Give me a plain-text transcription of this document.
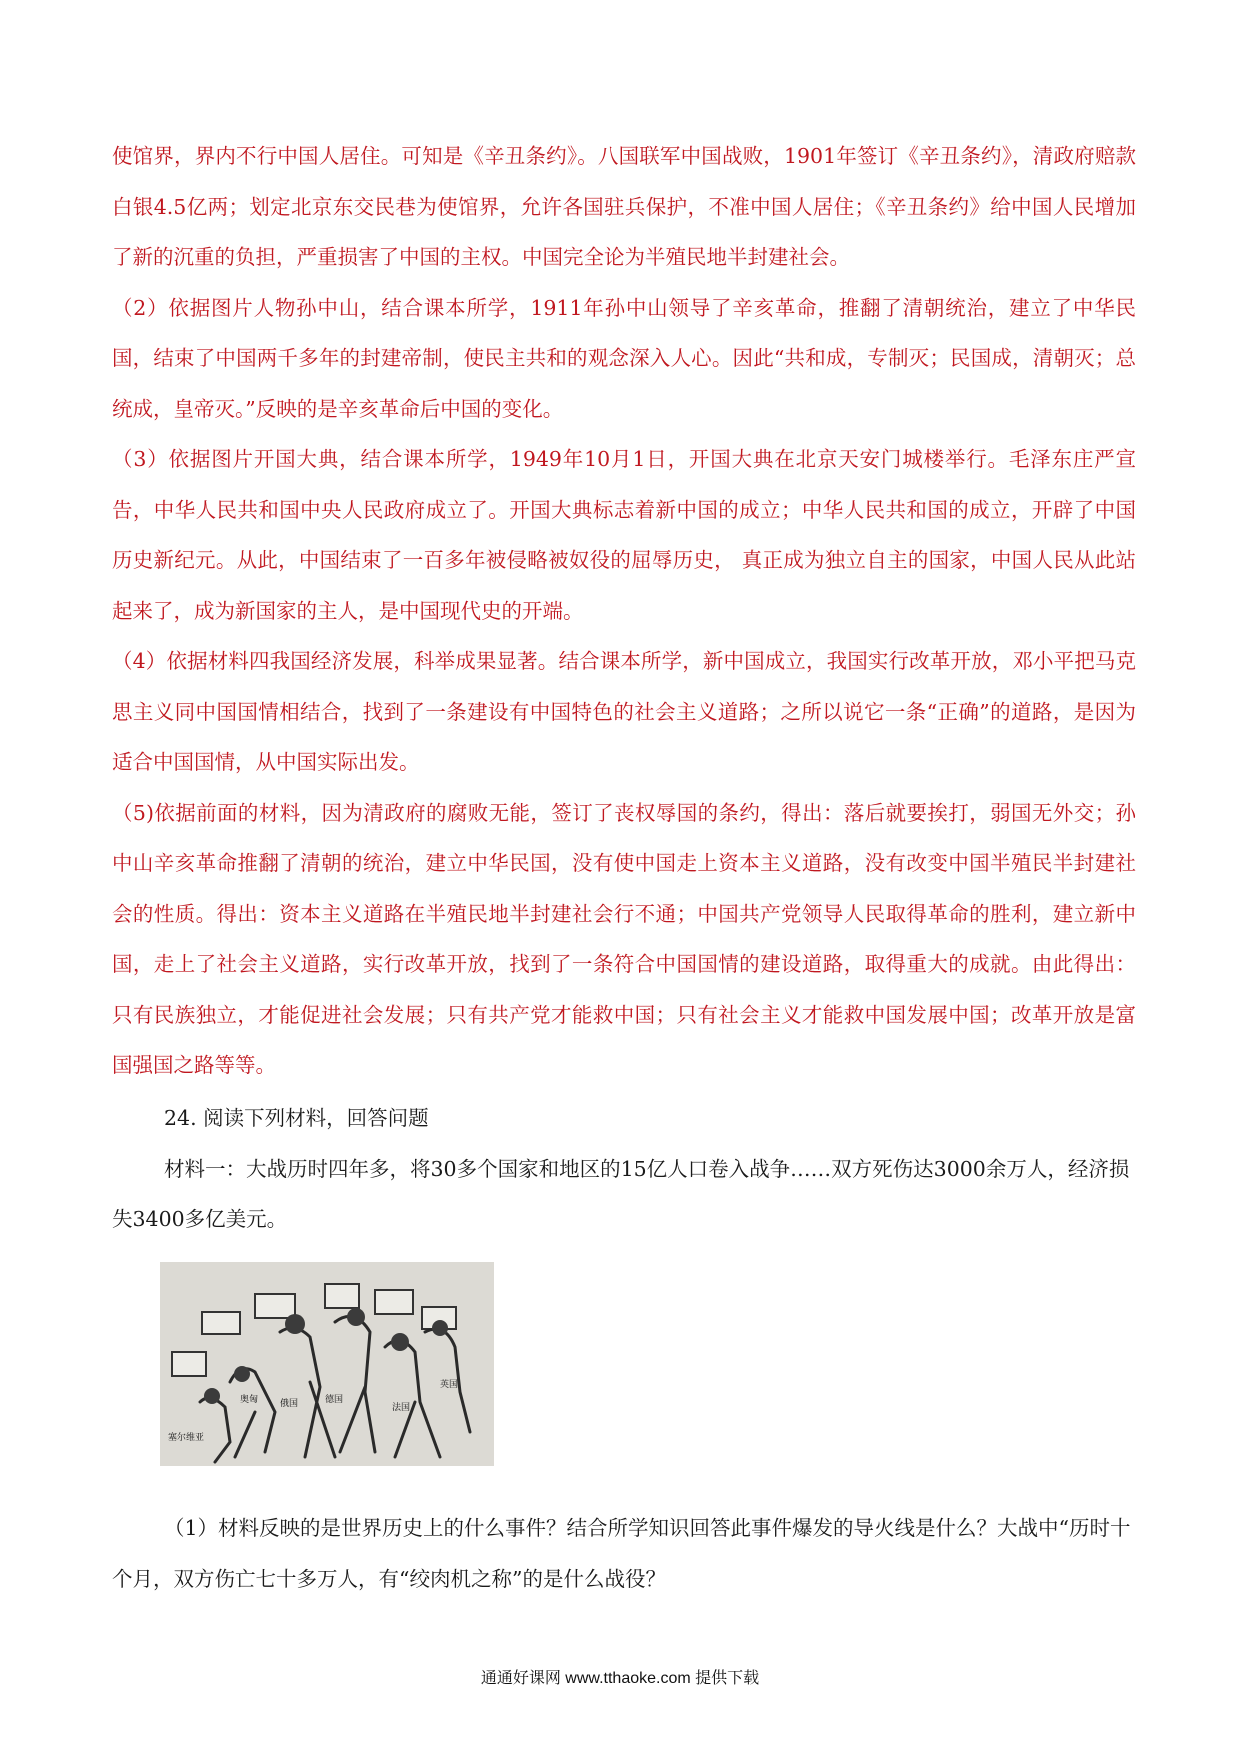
使馆界，界内不行中国人居住。可知是《辛丑条约》。八国联军中国战败，1901年签订《辛丑条约》，清政府赔款白银4.5亿两；划定北京东交民巷为使馆界，允许各国驻兵保护，不准中国人居住；《辛丑条约》给中国人民增加了新的沉重的负担，严重损害了中国的主权。中国完全论为半殖民地半封建社会。

（2）依据图片人物孙中山，结合课本所学，1911年孙中山领导了辛亥革命，推翻了清朝统治，建立了中华民国，结束了中国两千多年的封建帝制，使民主共和的观念深入人心。因此“共和成，专制灭；民国成，清朝灭；总统成，皇帝灭。”反映的是辛亥革命后中国的变化。

（3）依据图片开国大典，结合课本所学，1949年10月1日，开国大典在北京天安门城楼举行。毛泽东庄严宣告，中华人民共和国中央人民政府成立了。开国大典标志着新中国的成立；中华人民共和国的成立，开辟了中国历史新纪元。从此，中国结束了一百多年被侵略被奴役的屈辱历史， 真正成为独立自主的国家，中国人民从此站起来了，成为新国家的主人，是中国现代史的开端。

（4）依据材料四我国经济发展，科举成果显著。结合课本所学，新中国成立，我国实行改革开放，邓小平把马克思主义同中国国情相结合，找到了一条建设有中国特色的社会主义道路；之所以说它一条“正确”的道路，是因为适合中国国情，从中国实际出发。

（5)依据前面的材料，因为清政府的腐败无能，签订了丧权辱国的条约，得出：落后就要挨打，弱国无外交；孙中山辛亥革命推翻了清朝的统治，建立中华民国，没有使中国走上资本主义道路，没有改变中国半殖民半封建社会的性质。得出：资本主义道路在半殖民地半封建社会行不通；中国共产党领导人民取得革命的胜利，建立新中国，走上了社会主义道路，实行改革开放，找到了一条符合中国国情的建设道路，取得重大的成就。由此得出：只有民族独立，才能促进社会发展；只有共产党才能救中国；只有社会主义才能救中国发展中国；改革开放是富国强国之路等等。

24. 阅读下列材料，回答问题

材料一：大战历时四年多，将30多个国家和地区的15亿人口卷入战争……双方死伤达3000余万人，经济损失3400多亿美元。

塞尔维亚
奥匈 俄国	德国
法国
英国

（1）材料反映的是世界历史上的什么事件？结合所学知识回答此事件爆发的导火线是什么？大战中“历时十个月，双方伤亡七十多万人，有“绞肉机之称”的是什么战役？

通通好课网 www.tthaoke.com 提供下载
